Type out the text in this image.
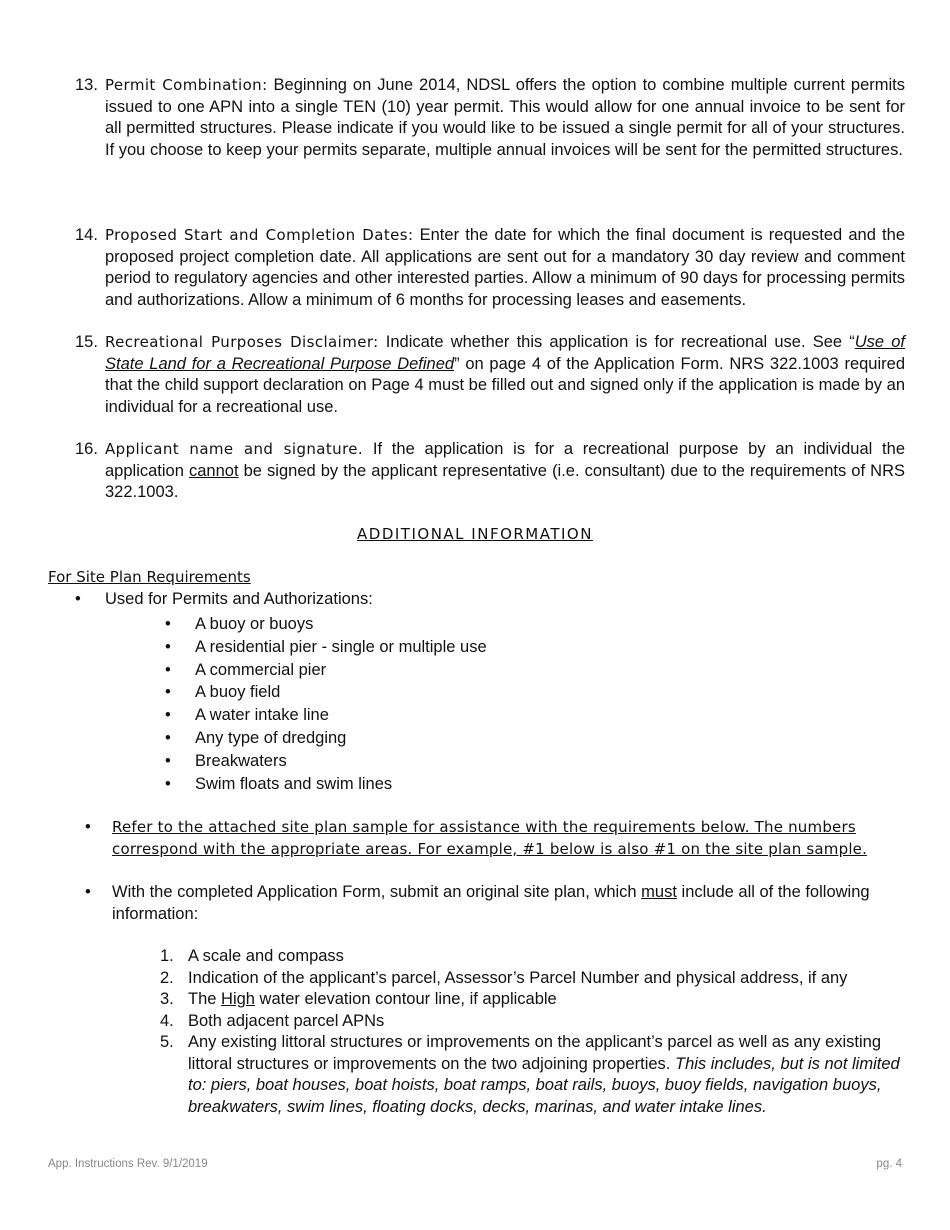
13. Permit Combination: Beginning on June 2014, NDSL offers the option to combine multiple current permits issued to one APN into a single TEN (10) year permit. This would allow for one annual invoice to be sent for all permitted structures. Please indicate if you would like to be issued a single permit for all of your structures. If you choose to keep your permits separate, multiple annual invoices will be sent for the permitted structures.
14. Proposed Start and Completion Dates: Enter the date for which the final document is requested and the proposed project completion date. All applications are sent out for a mandatory 30 day review and comment period to regulatory agencies and other interested parties. Allow a minimum of 90 days for processing permits and authorizations. Allow a minimum of 6 months for processing leases and easements.
15. Recreational Purposes Disclaimer: Indicate whether this application is for recreational use. See “Use of State Land for a Recreational Purpose Defined” on page 4 of the Application Form. NRS 322.1003 required that the child support declaration on Page 4 must be filled out and signed only if the application is made by an individual for a recreational use.
16. Applicant name and signature. If the application is for a recreational purpose by an individual the application cannot be signed by the applicant representative (i.e. consultant) due to the requirements of NRS 322.1003.
ADDITIONAL INFORMATION
For Site Plan Requirements
• Used for Permits and Authorizations:
• A buoy or buoys
• A residential pier - single or multiple use
• A commercial pier
• A buoy field
• A water intake line
• Any type of dredging
• Breakwaters
• Swim floats and swim lines
• Refer to the attached site plan sample for assistance with the requirements below. The numbers correspond with the appropriate areas. For example, #1 below is also #1 on the site plan sample.
• With the completed Application Form, submit an original site plan, which must include all of the following information:
1. A scale and compass
2. Indication of the applicant’s parcel, Assessor’s Parcel Number and physical address, if any
3. The High water elevation contour line, if applicable
4. Both adjacent parcel APNs
5. Any existing littoral structures or improvements on the applicant’s parcel as well as any existing littoral structures or improvements on the two adjoining properties. This includes, but is not limited to: piers, boat houses, boat hoists, boat ramps, boat rails, buoys, buoy fields, navigation buoys, breakwaters, swim lines, floating docks, decks, marinas, and water intake lines.
App. Instructions Rev. 9/1/2019	pg. 4
